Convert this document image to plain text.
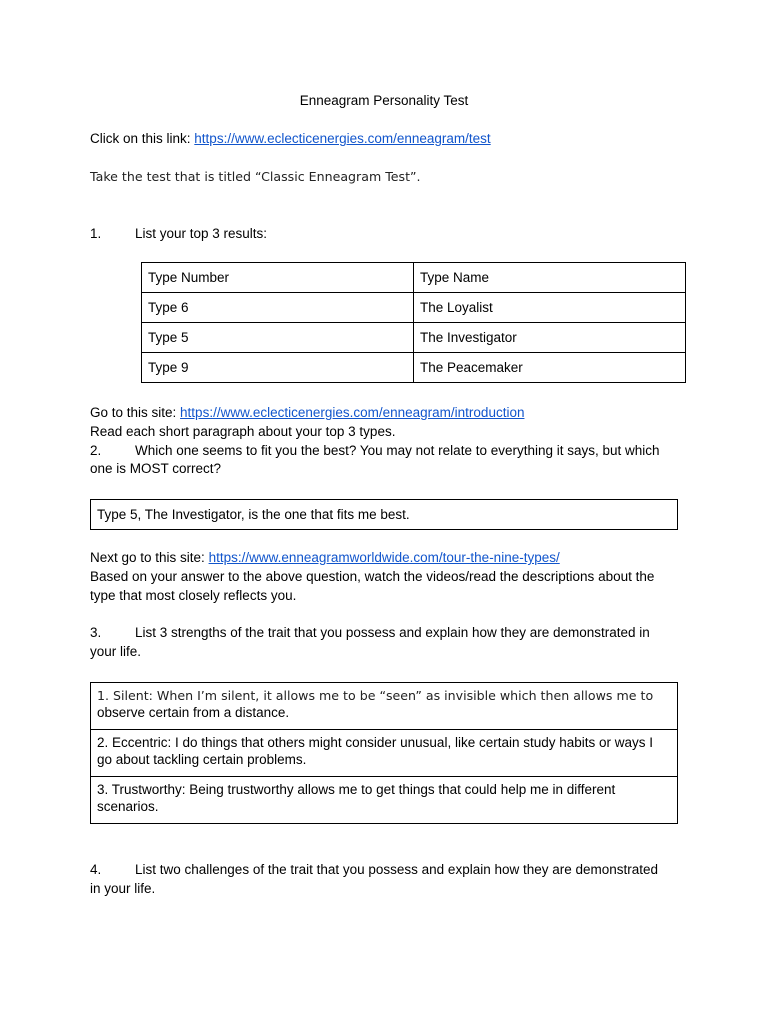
Enneagram Personality Test

Click on this link: https://www.eclecticenergies.com/enneagram/test

Take the test that is titled “Classic Enneagram Test”.

1. List your top 3 results:

Type Number	Type Name
Type 6	The Loyalist
Type 5	The Investigator
Type 9	The Peacemaker

Go to this site: https://www.eclecticenergies.com/enneagram/introduction

Read each short paragraph about your top 3 types.

2. Which one seems to fit you the best? You may not relate to everything it says, but which

one is MOST correct?

Type 5, The Investigator, is the one that fits me best.

Next go to this site: https://www.enneagramworldwide.com/tour-the-nine-types/

Based on your answer to the above question, watch the videos/read the descriptions about the

type that most closely reflects you.

3. List 3 strengths of the trait that you possess and explain how they are demonstrated in

your life.

1. Silent: When I’m silent, it allows me to be “seen” as invisible which then allows me to
observe certain from a distance.
2. Eccentric: I do things that others might consider unusual, like certain study habits or ways I
go about tackling certain problems.
3. Trustworthy: Being trustworthy allows me to get things that could help me in different
scenarios.

4. List two challenges of the trait that you possess and explain how they are demonstrated

in your life.
